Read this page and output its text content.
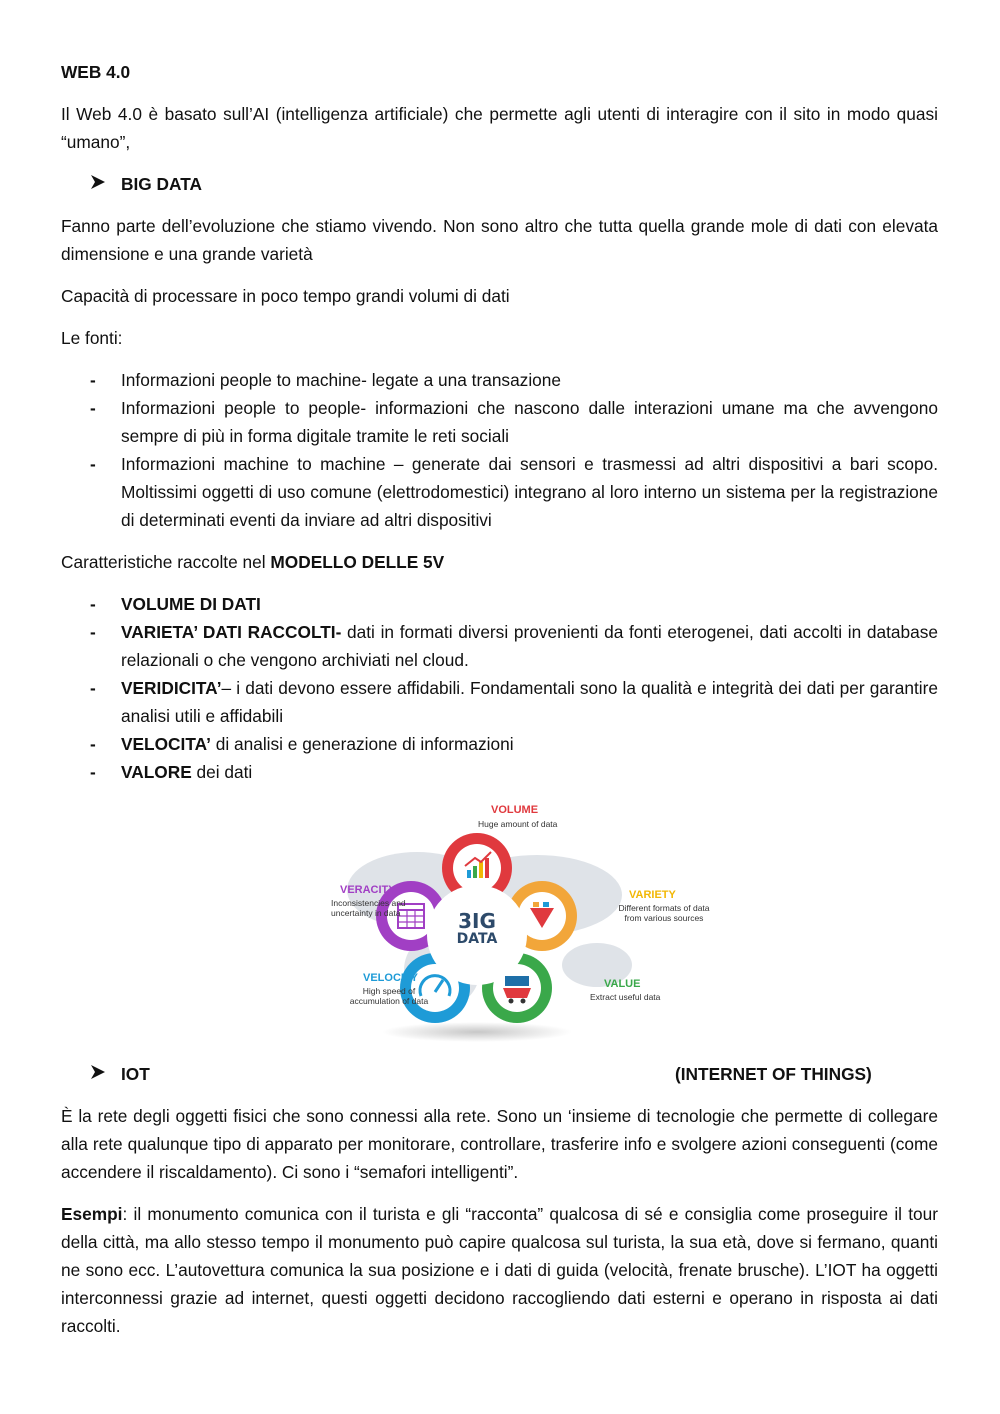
WEB 4.0

Il Web 4.0 è basato sull’AI (intelligenza artificiale) che permette agli utenti di interagire con il sito in modo quasi “umano”,

BIG DATA

Fanno parte dell’evoluzione che stiamo vivendo. Non sono altro che tutta quella grande mole di dati con elevata dimensione e una grande varietà

Capacità di processare in poco tempo grandi volumi di dati

Le fonti:

- Informazioni people to machine- legate a una transazione
- Informazioni people to people- informazioni che nascono dalle interazioni umane ma che avvengono sempre di più in forma digitale tramite le reti sociali
- Informazioni machine to machine – generate dai sensori e trasmessi ad altri dispositivi a bari scopo. Moltissimi oggetti di uso comune (elettrodomestici) integrano al loro interno un sistema per la registrazione di determinati eventi da inviare ad altri dispositivi

Caratteristiche raccolte nel MODELLO DELLE 5V

- VOLUME DI DATI
- VARIETA’ DATI RACCOLTI- dati in formati diversi provenienti da fonti eterogenei, dati accolti in database relazionali o che vengono archiviati nel cloud.
- VERIDICITA’– i dati devono essere affidabili. Fondamentali sono la qualità e integrità dei dati per garantire analisi utili e affidabili
- VELOCITA’ di analisi e generazione di informazioni
- VALORE dei dati
3IG
DATA
VOLUME
Huge amount of data
VARIETY
Different formats of data from various sources
VERACITY
Inconsistencies and uncertainty in data
VELOCITY
High speed of accumulation of data
VALUE
Extract useful data
IOT	(INTERNET OF THINGS)

È la rete degli oggetti fisici che sono connessi alla rete. Sono un ‘insieme di tecnologie che permette di collegare alla rete qualunque tipo di apparato per monitorare, controllare, trasferire info e svolgere azioni conseguenti (come accendere il riscaldamento). Ci sono i “semafori intelligenti”.

Esempi: il monumento comunica con il turista e gli “racconta” qualcosa di sé e consiglia come proseguire il tour della città, ma allo stesso tempo il monumento può capire qualcosa sul turista, la sua età, dove si fermano, quanti ne sono ecc. L’autovettura comunica la sua posizione e i dati di guida (velocità, frenate brusche). L’IOT ha oggetti interconnessi grazie ad internet, questi oggetti decidono raccogliendo dati esterni e operano in risposta ai dati raccolti.
